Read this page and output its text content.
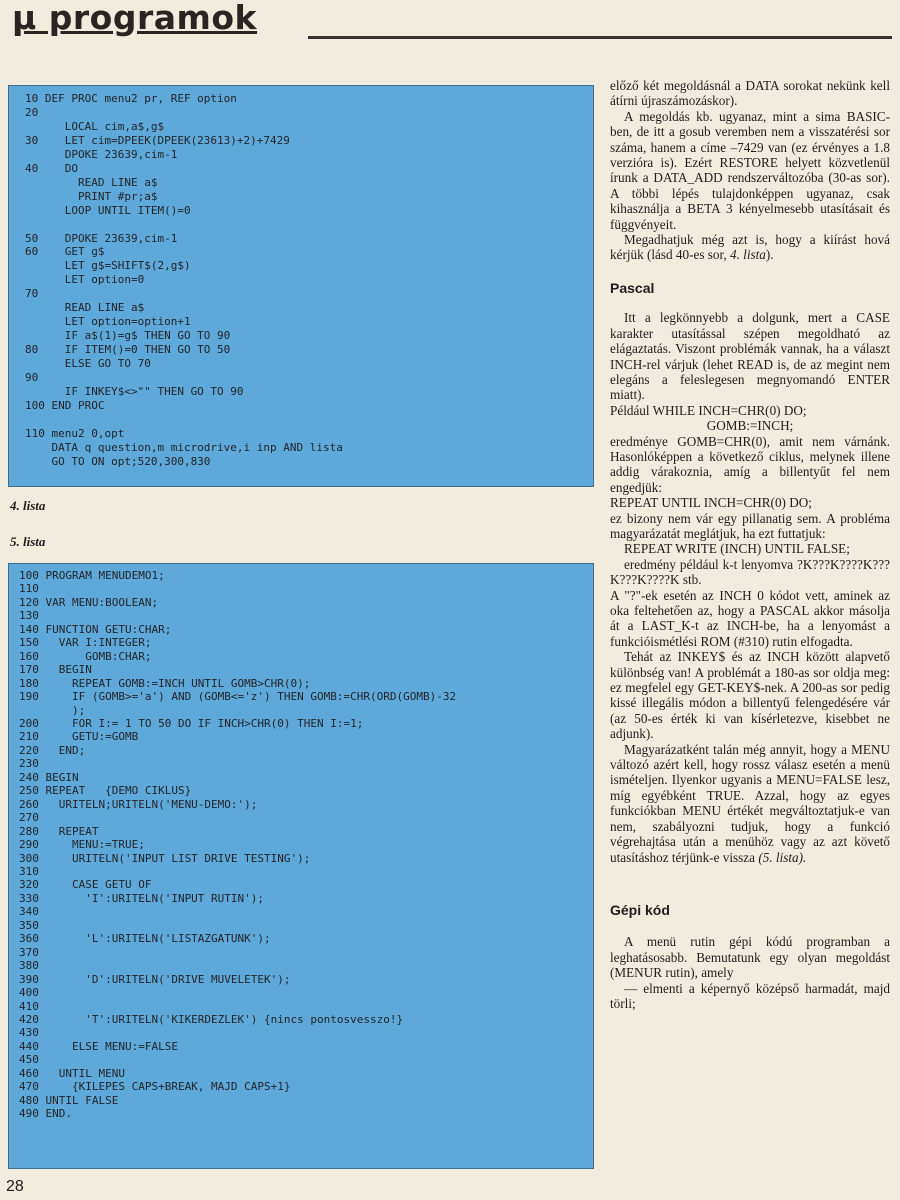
µ programok
10 DEF PROC menu2 pr, REF option
20
LOCAL cim,a$,g$
30    LET cim=DPEEK(DPEEK(23613)+2)+7429
DPOKE 23639,cim-1
40    DO
READ LINE a$
PRINT #pr;a$
LOOP UNTIL ITEM()=0

50    DPOKE 23639,cim-1
60    GET g$
LET g$=SHIFT$(2,g$)
LET option=0
70
READ LINE a$
LET option=option+1
IF a$(1)=g$ THEN GO TO 90
80    IF ITEM()=0 THEN GO TO 50
ELSE GO TO 70
90
IF INKEY$<>"" THEN GO TO 90
100 END PROC

110 menu2 0,opt
DATA q question,m microdrive,i inp AND lista
GO TO ON opt;520,300,830
4. lista
5. lista
100 PROGRAM MENUDEMO1;
110
120 VAR MENU:BOOLEAN;
130
140 FUNCTION GETU:CHAR;
150   VAR I:INTEGER;
160       GOMB:CHAR;
170   BEGIN
180     REPEAT GOMB:=INCH UNTIL GOMB>CHR(0);
190     IF (GOMB>='a') AND (GOMB<='z') THEN GOMB:=CHR(ORD(GOMB)-32
);
200     FOR I:= 1 TO 50 DO IF INCH>CHR(0) THEN I:=1;
210     GETU:=GOMB
220   END;
230
240 BEGIN
250 REPEAT   {DEMO CIKLUS}
260   URITELN;URITELN('MENU-DEMO:');
270
280   REPEAT
290     MENU:=TRUE;
300     URITELN('INPUT LIST DRIVE TESTING');
310
320     CASE GETU OF
330       'I':URITELN('INPUT RUTIN');
340
350
360       'L':URITELN('LISTAZGATUNK');
370
380
390       'D':URITELN('DRIVE MUVELETEK');
400
410
420       'T':URITELN('KIKERDEZLEK') {nincs pontosvesszo!}
430
440     ELSE MENU:=FALSE
450
460   UNTIL MENU
470     {KILEPES CAPS+BREAK, MAJD CAPS+1}
480 UNTIL FALSE
490 END.

előző két megoldásnál a DATA sorokat nekünk kell átírni újraszámozáskor).

A megoldás kb. ugyanaz, mint a sima BASIC-ben, de itt a gosub veremben nem a visszatérési sor száma, hanem a címe –7429 van (ez érvényes a 1.8 verzióra is). Ezért RESTORE helyett közvetlenül írunk a DATA_ADD rendszerváltozóba (30-as sor). A többi lépés tulajdonképpen ugyanaz, csak kihasználja a BETA 3 kényelmesebb utasításait és függvényeit.

Megadhatjuk még azt is, hogy a kiírást hová kérjük (lásd 40-es sor, 4. lista).

Pascal

Itt a legkönnyebb a dolgunk, mert a CASE karakter utasítással szépen megoldható az elágaztatás. Viszont problémák vannak, ha a választ INCH-rel várjuk (lehet READ is, de az megint nem elegáns a feleslegesen megnyomandó ENTER miatt).

Például WHILE INCH=CHR(0) DO;

GOMB:=INCH;

eredménye GOMB=CHR(0), amit nem várnánk. Hasonlóképpen a következő ciklus, melynek illene addig várakoznia, amíg a billentyűt fel nem engedjük:

REPEAT UNTIL INCH=CHR(0) DO;

ez bizony nem vár egy pillanatig sem. A probléma magyarázatát meglátjuk, ha ezt futtatjuk:

REPEAT WRITE (INCH) UNTIL FALSE;

eredmény például k-t lenyomva ?K???K????K???K???K????K stb.

A "?"-ek esetén az INCH 0 kódot vett, aminek az oka feltehetően az, hogy a PASCAL akkor másolja át a LAST_K-t az INCH-be, ha a lenyomást a funkcióismétlési ROM (#310) rutin elfogadta.

Tehát az INKEY$ és az INCH között alapvető különbség van! A problémát a 180-as sor oldja meg: ez megfelel egy GET-KEY$-nek. A 200-as sor pedig kissé illegális módon a billentyű felengedésére vár (az 50-es érték ki van kísérletezve, kisebbet ne adjunk).

Magyarázatként talán még annyit, hogy a MENU változó azért kell, hogy rossz válasz esetén a menü ismételjen. Ilyenkor ugyanis a MENU=FALSE lesz, míg egyébként TRUE. Azzal, hogy az egyes funkciókban MENU értékét megváltoztatjuk-e van nem, szabályozni tudjuk, hogy a funkció végrehajtása után a menühöz vagy az azt követő utasításhoz térjünk-e vissza (5. lista).

Gépi kód

A menü rutin gépi kódú programban a leghatásosabb. Bemutatunk egy olyan megoldást (MENUR rutin), amely

— elmenti a képernyő középső harmadát, majd törli;

28
